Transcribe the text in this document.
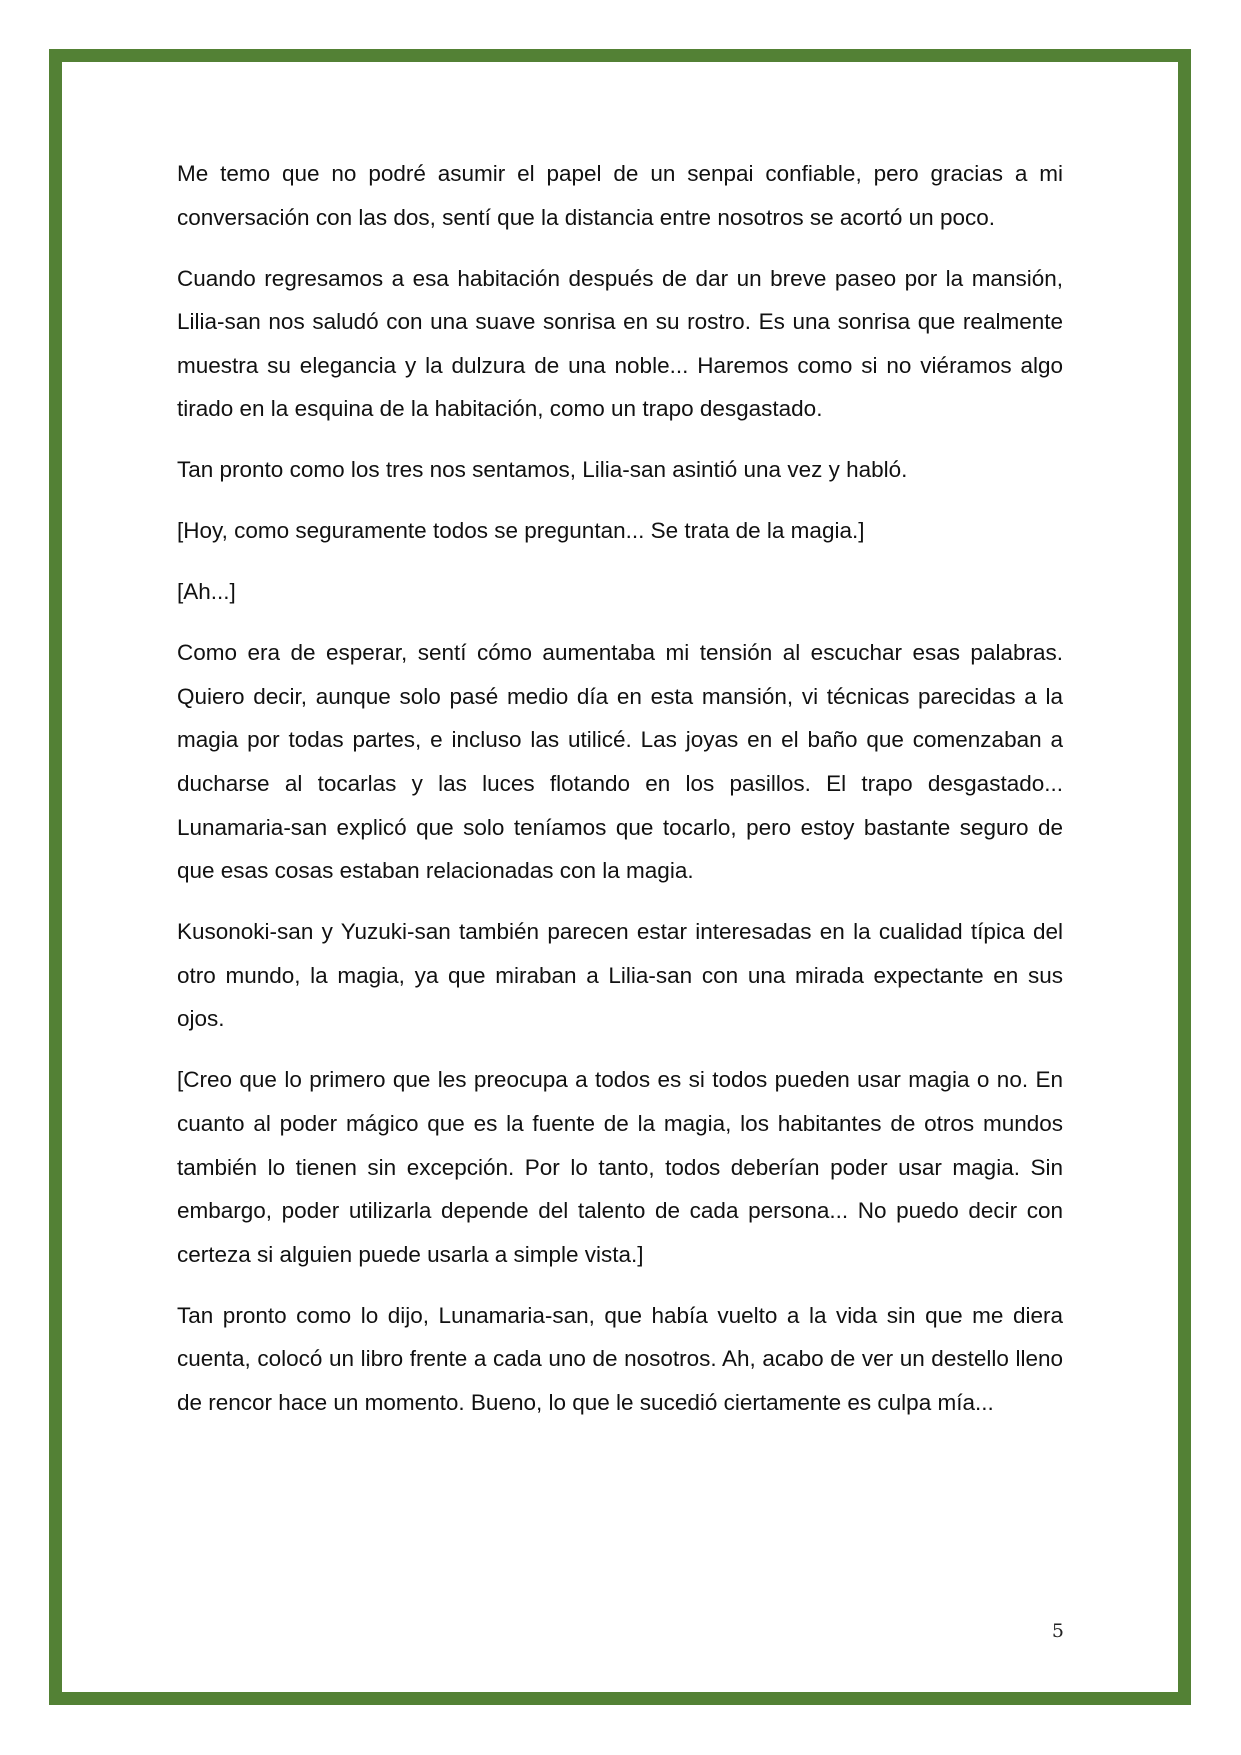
Me temo que no podré asumir el papel de un senpai confiable, pero gracias a mi conversación con las dos, sentí que la distancia entre nosotros se acortó un poco.

Cuando regresamos a esa habitación después de dar un breve paseo por la mansión, Lilia-san nos saludó con una suave sonrisa en su rostro. Es una sonrisa que realmente muestra su elegancia y la dulzura de una noble... Haremos como si no viéramos algo tirado en la esquina de la habitación, como un trapo desgastado.

Tan pronto como los tres nos sentamos, Lilia-san asintió una vez y habló.

[Hoy, como seguramente todos se preguntan... Se trata de la magia.]

[Ah...]

Como era de esperar, sentí cómo aumentaba mi tensión al escuchar esas palabras. Quiero decir, aunque solo pasé medio día en esta mansión, vi técnicas parecidas a la magia por todas partes, e incluso las utilicé. Las joyas en el baño que comenzaban a ducharse al tocarlas y las luces flotando en los pasillos. El trapo desgastado... Lunamaria-san explicó que solo teníamos que tocarlo, pero estoy bastante seguro de que esas cosas estaban relacionadas con la magia.

Kusonoki-san y Yuzuki-san también parecen estar interesadas en la cualidad típica del otro mundo, la magia, ya que miraban a Lilia-san con una mirada expectante en sus ojos.

[Creo que lo primero que les preocupa a todos es si todos pueden usar magia o no. En cuanto al poder mágico que es la fuente de la magia, los habitantes de otros mundos también lo tienen sin excepción. Por lo tanto, todos deberían poder usar magia. Sin embargo, poder utilizarla depende del talento de cada persona... No puedo decir con certeza si alguien puede usarla a simple vista.]

Tan pronto como lo dijo, Lunamaria-san, que había vuelto a la vida sin que me diera cuenta, colocó un libro frente a cada uno de nosotros. Ah, acabo de ver un destello lleno de rencor hace un momento. Bueno, lo que le sucedió ciertamente es culpa mía...

5
